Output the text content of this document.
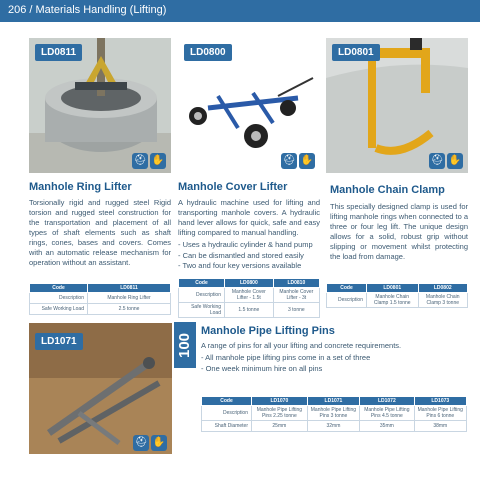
206 / Materials Handling (Lifting)
LD0811
⛑ ✋
LD0800
⛑ ✋
LD0801
⛑ ✋
Manhole Ring Lifter

Torsionally rigid and rugged steel Rigid torsion and rugged steel construction for the transportation and placement of all types of shaft elements such as shaft rings, cones, bases and covers. Comes with an automatic release mechanism for operation without an assistant.

Code	LD0811
Description	Manhole Ring Lifter
Safe Working Load	2.5 tonne
Manhole Cover Lifter

A hydraulic machine used for lifting and transporting manhole covers. A hydraulic hand lever allows for quick, safe and easy lifting compared to manual handling.

- Uses a hydraulic cylinder & hand pump
- Can be dismantled and stored easily
- Two and four key versions available
Code	LD0800	LD0810
Description	Manhole Cover Lifter - 1.5t	Manhole Cover Lifter - 3t
Safe Working Load	1.5 tonne	3 tonne
Manhole Chain Clamp

This specially designed clamp is used for lifting manhole rings when connected to a three or four leg lift. The unique design allows for a solid, robust grip without slipping or movement whilst protecting the load from damage.

Code	LD0801	LD0802
Description	Manhole Chain Clamp 1.5 tonne	Manhole Chain Clamp 3 tonne
LD1071
⛑ ✋
100
Manhole Pipe Lifting Pins

A range of pins for all your lifting and concrete requirements.

- All manhole pipe lifting pins come in a set of three
- One week minimum hire on all pins
Code	LD1070	LD1071	LD1072	LD1073
Description	Manhole Pipe Lifting Pins 2.25 tonne	Manhole Pipe Lifting Pins 3 tonne	Manhole Pipe Lifting Pins 4.5 tonne	Manhole Pipe Lifting Pins 6 tonne
Shaft Diameter	25mm	32mm	35mm	38mm
